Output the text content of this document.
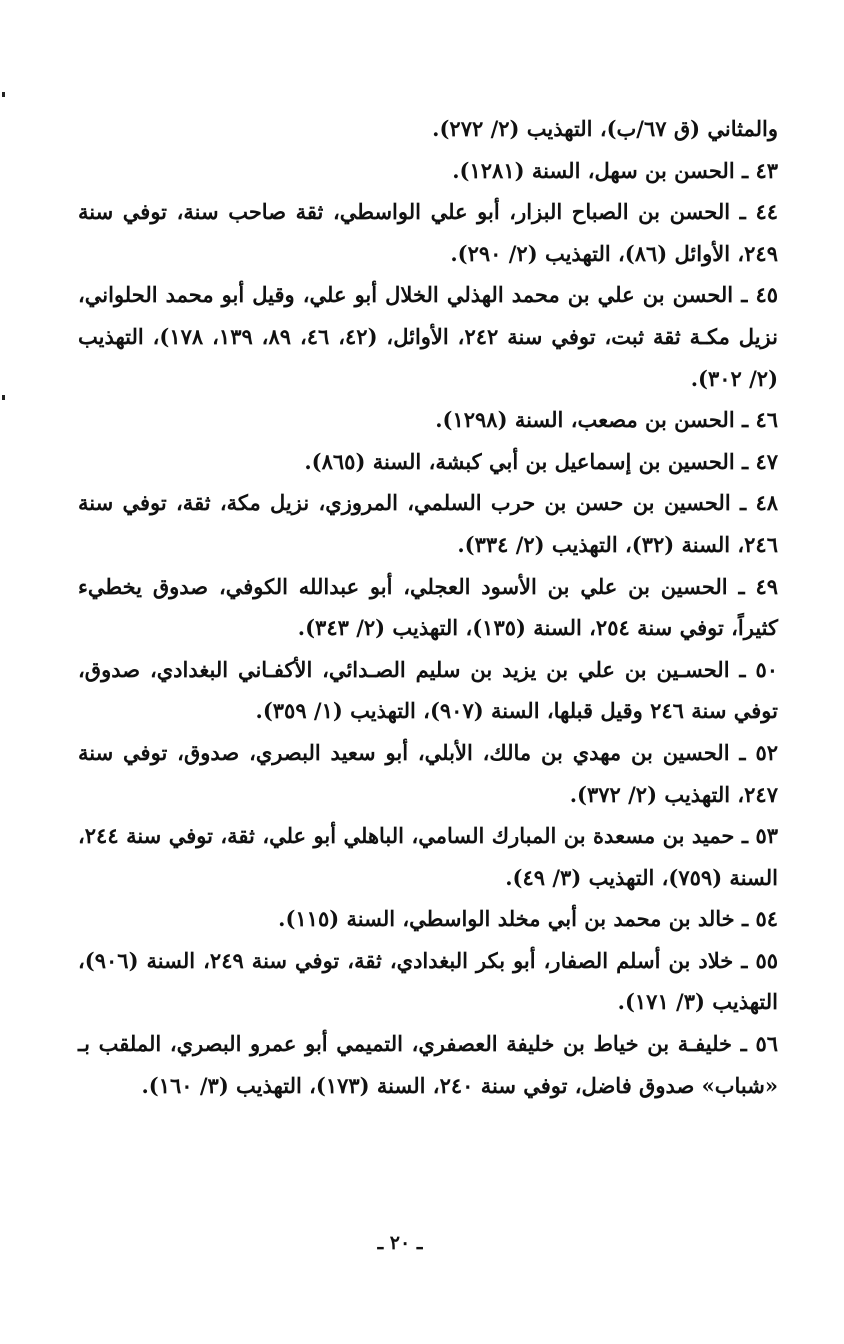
والمثاني (ق ٦٧/ب)، التهذيب (٢/ ٢٧٢).

٤٣ ـ الحسن بن سهل، السنة (١٢٨١).

٤٤ ـ الحسن بن الصباح البزار، أبو علي الواسطي، ثقة صاحب سنة، توفي سنة ٢٤٩، الأوائل (٨٦)، التهذيب (٢/ ٢٩٠).

٤٥ ـ الحسن بن علي بن محمد الهذلي الخلال أبو علي، وقيل أبو محمد الحلواني، نزيل مكـة ثقة ثبت، توفي سنة ٢٤٢، الأوائل، (٤٢، ٤٦، ٨٩، ١٣٩، ١٧٨)، التهذيب (٢/ ٣٠٢).

٤٦ ـ الحسن بن مصعب، السنة (١٢٩٨).

٤٧ ـ الحسين بن إسماعيل بن أبي كبشة، السنة (٨٦٥).

٤٨ ـ الحسين بن حسن بن حرب السلمي، المروزي، نزيل مكة، ثقة، توفي سنة ٢٤٦، السنة (٣٢)، التهذيب (٢/ ٣٣٤).

٤٩ ـ الحسين بن علي بن الأسود العجلي، أبو عبدالله الكوفي، صدوق يخطيء كثيراً، توفي سنة ٢٥٤، السنة (١٣٥)، التهذيب (٢/ ٣٤٣).

٥٠ ـ الحسـين بن علي بن يزيد بن سليم الصـدائي، الأكفـاني البغدادي، صدوق، توفي سنة ٢٤٦ وقيل قبلها، السنة (٩٠٧)، التهذيب (١/ ٣٥٩).

٥٢ ـ الحسين بن مهدي بن مالك، الأبلي، أبو سعيد البصري، صدوق، توفي سنة ٢٤٧، التهذيب (٢/ ٣٧٢).

٥٣ ـ حميد بن مسعدة بن المبارك السامي، الباهلي أبو علي، ثقة، توفي سنة ٢٤٤، السنة (٧٥٩)، التهذيب (٣/ ٤٩).

٥٤ ـ خالد بن محمد بن أبي مخلد الواسطي، السنة (١١٥).

٥٥ ـ خلاد بن أسلم الصفار، أبو بكر البغدادي، ثقة، توفي سنة ٢٤٩، السنة (٩٠٦)، التهذيب (٣/ ١٧١).

٥٦ ـ خليفـة بن خياط بن خليفة العصفري، التميمي أبو عمرو البصري، الملقب بـ «شباب» صدوق فاضل، توفي سنة ٢٤٠، السنة (١٧٣)، التهذيب (٣/ ١٦٠).

ـ ٢٠ ـ
